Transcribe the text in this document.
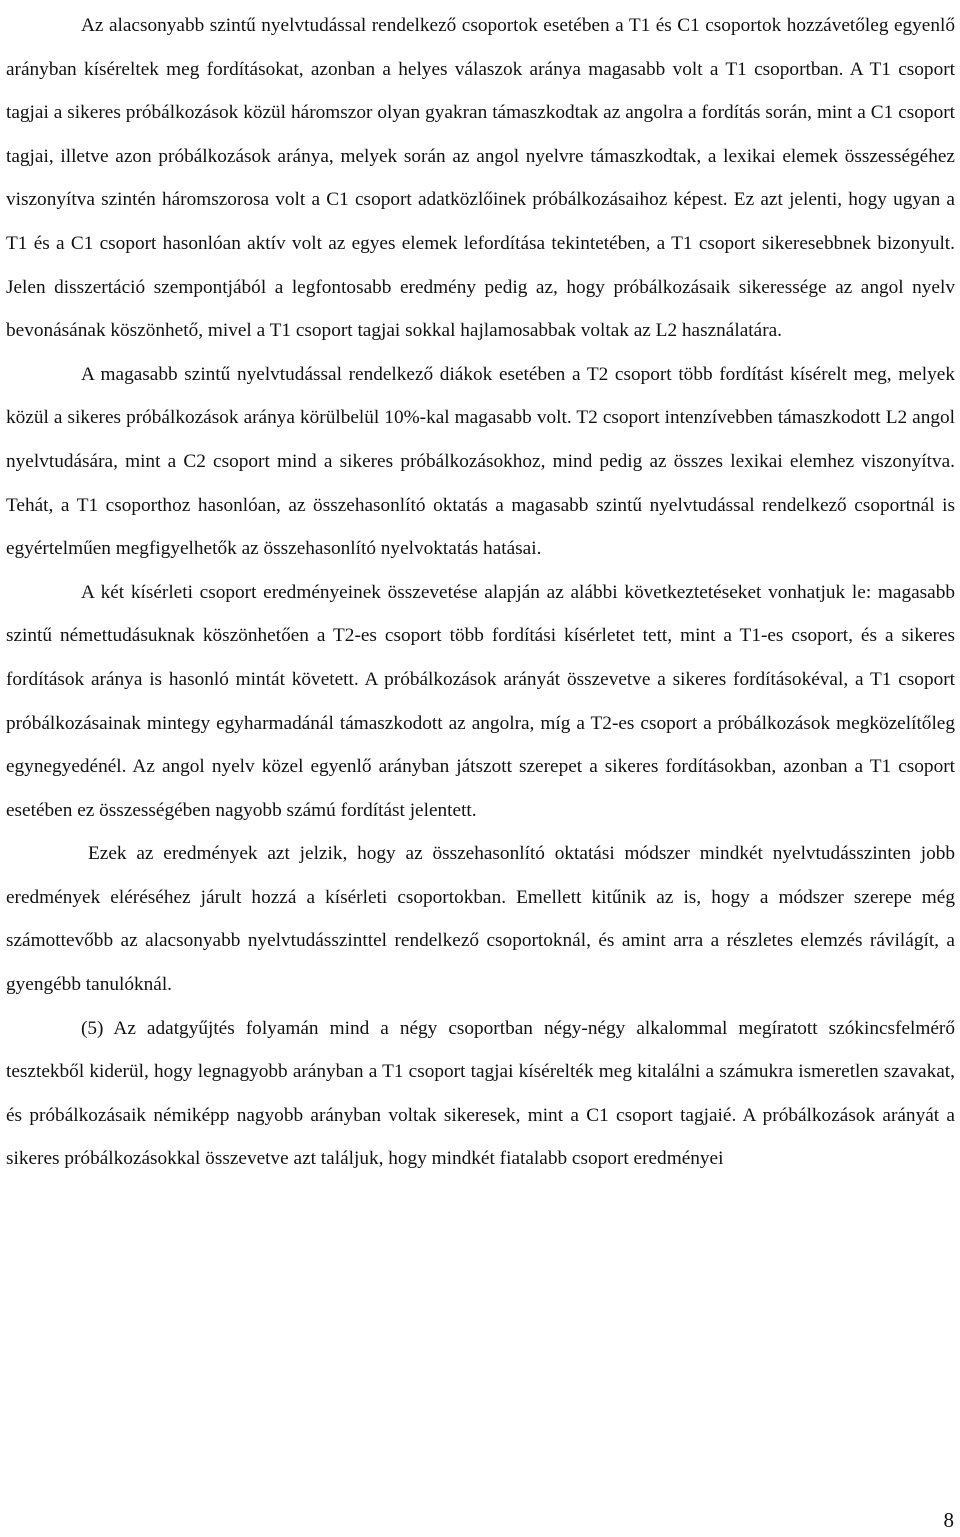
Az alacsonyabb szintű nyelvtudással rendelkező csoportok esetében a T1 és C1 csoportok hozzávetőleg egyenlő arányban kíséreltek meg fordításokat, azonban a helyes válaszok aránya magasabb volt a T1 csoportban. A T1 csoport tagjai a sikeres próbálkozások közül háromszor olyan gyakran támaszkodtak az angolra a fordítás során, mint a C1 csoport tagjai, illetve azon próbálkozások aránya, melyek során az angol nyelvre támaszkodtak, a lexikai elemek összességéhez viszonyítva szintén háromszorosa volt a C1 csoport adatközlőinek próbálkozásaihoz képest. Ez azt jelenti, hogy ugyan a T1 és a C1 csoport hasonlóan aktív volt az egyes elemek lefordítása tekintetében, a T1 csoport sikeresebbnek bizonyult. Jelen disszertáció szempontjából a legfontosabb eredmény pedig az, hogy próbálkozásaik sikeressége az angol nyelv bevonásának köszönhető, mivel a T1 csoport tagjai sokkal hajlamosabbak voltak az L2 használatára.

A magasabb szintű nyelvtudással rendelkező diákok esetében a T2 csoport több fordítást kísérelt meg, melyek közül a sikeres próbálkozások aránya körülbelül 10%-kal magasabb volt. T2 csoport intenzívebben támaszkodott L2 angol nyelvtudására, mint a C2 csoport mind a sikeres próbálkozásokhoz, mind pedig az összes lexikai elemhez viszonyítva. Tehát, a T1 csoporthoz hasonlóan, az összehasonlító oktatás a magasabb szintű nyelvtudással rendelkező csoportnál is egyértelműen megfigyelhetők az összehasonlító nyelvoktatás hatásai.

A két kísérleti csoport eredményeinek összevetése alapján az alábbi következtetéseket vonhatjuk le: magasabb szintű némettudásuknak köszönhetően a T2-es csoport több fordítási kísérletet tett, mint a T1-es csoport, és a sikeres fordítások aránya is hasonló mintát követett. A próbálkozások arányát összevetve a sikeres fordításokéval, a T1 csoport próbálkozásainak mintegy egyharmadánál támaszkodott az angolra, míg a T2-es csoport a próbálkozások megközelítőleg egynegyedénél. Az angol nyelv közel egyenlő arányban játszott szerepet a sikeres fordításokban, azonban a T1 csoport esetében ez összességében nagyobb számú fordítást jelentett.

Ezek az eredmények azt jelzik, hogy az összehasonlító oktatási módszer mindkét nyelvtudásszinten jobb eredmények eléréséhez járult hozzá a kísérleti csoportokban. Emellett kitűnik az is, hogy a módszer szerepe még számottevőbb az alacsonyabb nyelvtudásszinttel rendelkező csoportoknál, és amint arra a részletes elemzés rávilágít, a gyengébb tanulóknál.

(5) Az adatgyűjtés folyamán mind a négy csoportban négy-négy alkalommal megíratott szókincsfelmérő tesztekből kiderül, hogy legnagyobb arányban a T1 csoport tagjai kísérelték meg kitalálni a számukra ismeretlen szavakat, és próbálkozásaik némiképp nagyobb arányban voltak sikeresek, mint a C1 csoport tagjaié. A próbálkozások arányát a sikeres próbálkozásokkal összevetve azt találjuk, hogy mindkét fiatalabb csoport eredményei

8
